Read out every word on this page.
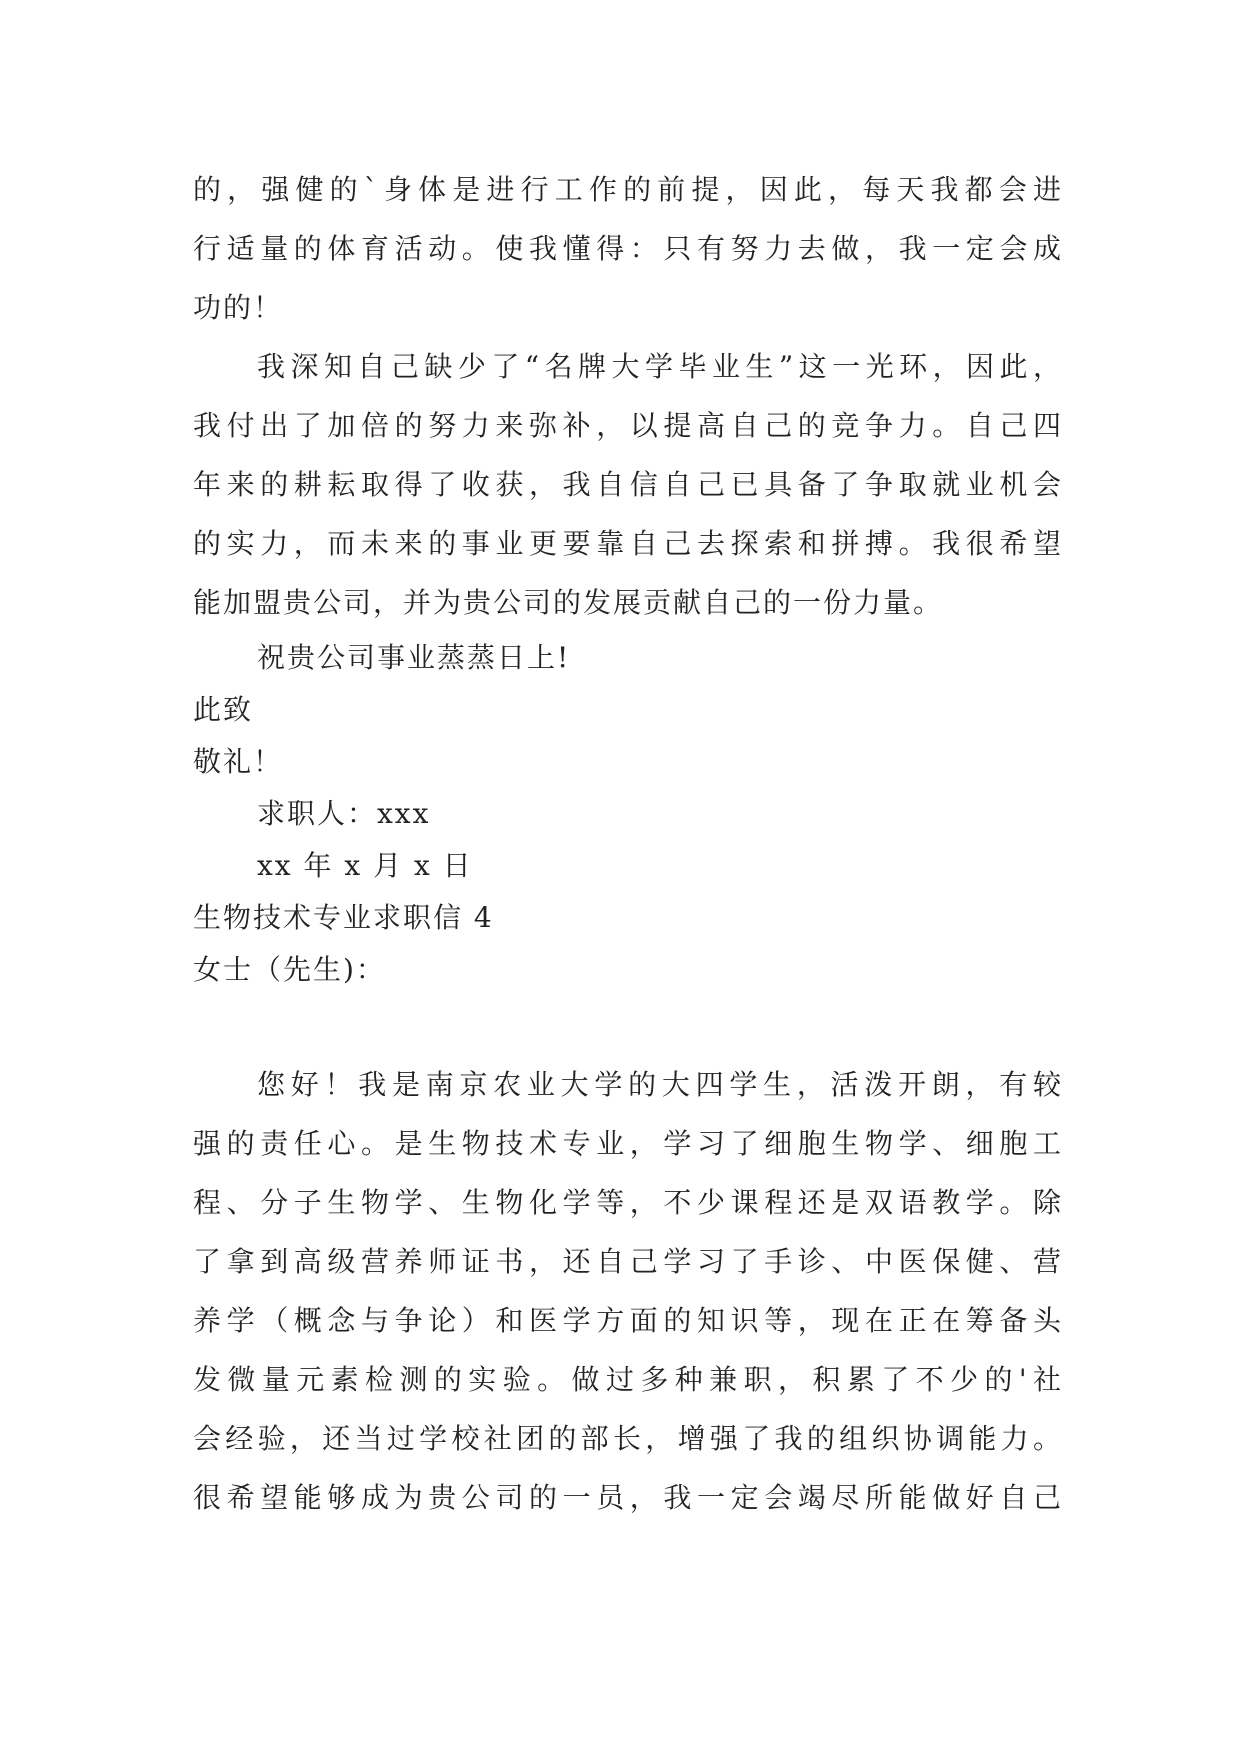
的，强健的`身体是进行工作的前提，因此，每天我都会进
行适量的体育活动。使我懂得：只有努力去做，我一定会成
功的！
我深知自己缺少了“名牌大学毕业生”这一光环，因此，
我付出了加倍的努力来弥补，以提高自己的竞争力。自己四
年来的耕耘取得了收获，我自信自己已具备了争取就业机会
的实力，而未来的事业更要靠自己去探索和拼搏。我很希望
能加盟贵公司，并为贵公司的发展贡献自己的一份力量。
祝贵公司事业蒸蒸日上!
此致
敬礼！
求职人：xxx
xx 年 x 月 x 日
生物技术专业求职信 4
女士（先生)：
您好！我是南京农业大学的大四学生，活泼开朗，有较
强的责任心。是生物技术专业，学习了细胞生物学、细胞工
程、分子生物学、生物化学等，不少课程还是双语教学。除
了拿到高级营养师证书，还自己学习了手诊、中医保健、营
养学（概念与争论）和医学方面的知识等，现在正在筹备头
发微量元素检测的实验。做过多种兼职，积累了不少的'社
会经验，还当过学校社团的部长，增强了我的组织协调能力。
很希望能够成为贵公司的一员，我一定会竭尽所能做好自己
